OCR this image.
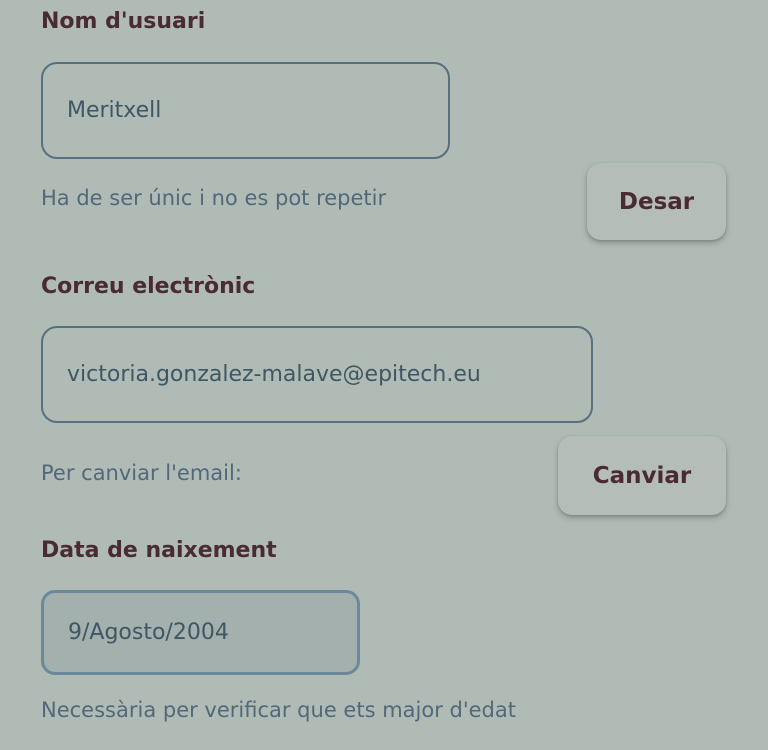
Nom d'usuari
Meritxell
Ha de ser únic i no es pot repetir	Desar
Correu electrònic
victoria.gonzalez-malave@epitech.eu
Per canviar l'email:	Canviar
Data de naixement
9/Agosto/2004
Necessària per verificar que ets major d'edat
